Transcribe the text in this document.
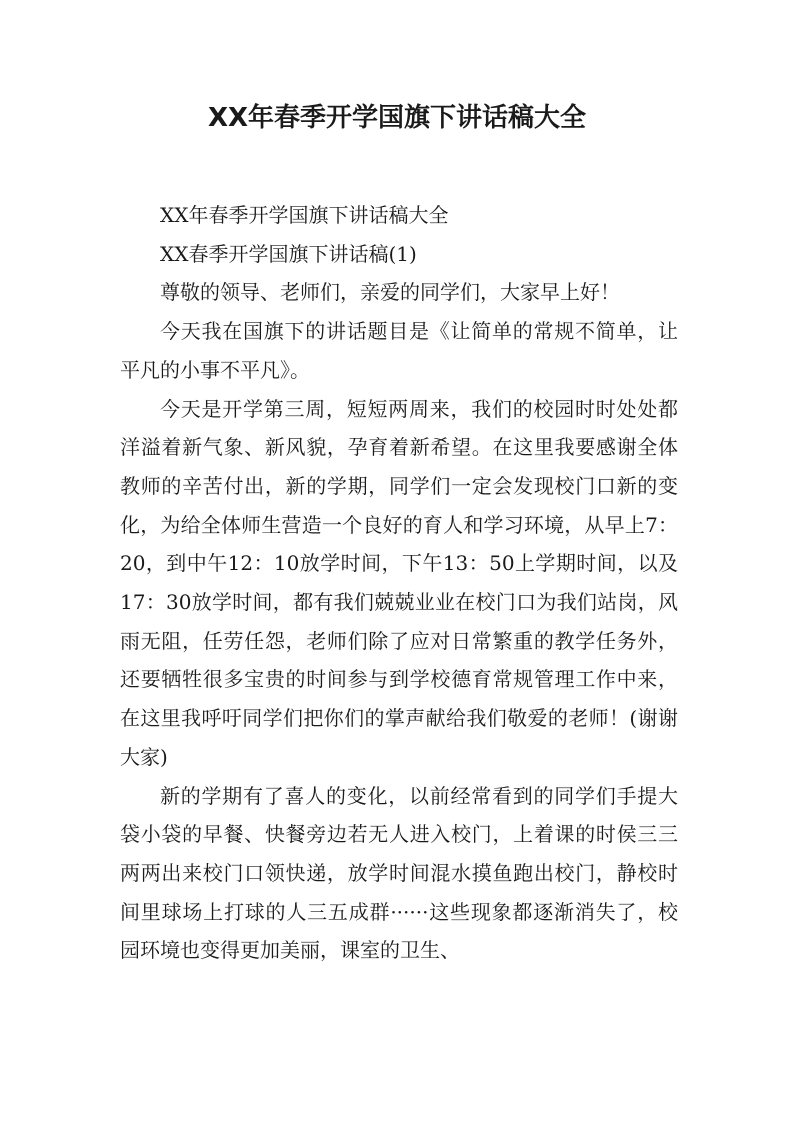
XX年春季开学国旗下讲话稿大全

XX年春季开学国旗下讲话稿大全

XX春季开学国旗下讲话稿(1)

尊敬的领导、老师们，亲爱的同学们，大家早上好！

今天我在国旗下的讲话题目是《让简单的常规不简单，让平凡的小事不平凡》。

今天是开学第三周，短短两周来，我们的校园时时处处都洋溢着新气象、新风貌，孕育着新希望。在这里我要感谢全体教师的辛苦付出，新的学期，同学们一定会发现校门口新的变化，为给全体师生营造一个良好的育人和学习环境，从早上7：20，到中午12：10放学时间，下午13：50上学期时间，以及17：30放学时间，都有我们兢兢业业在校门口为我们站岗，风雨无阻，任劳任怨，老师们除了应对日常繁重的教学任务外，还要牺牲很多宝贵的时间参与到学校德育常规管理工作中来，在这里我呼吁同学们把你们的掌声献给我们敬爱的老师！(谢谢大家)

新的学期有了喜人的变化，以前经常看到的同学们手提大袋小袋的早餐、快餐旁边若无人进入校门，上着课的时侯三三两两出来校门口领快递，放学时间混水摸鱼跑出校门，静校时间里球场上打球的人三五成群······这些现象都逐渐消失了，校园环境也变得更加美丽，课室的卫生、
